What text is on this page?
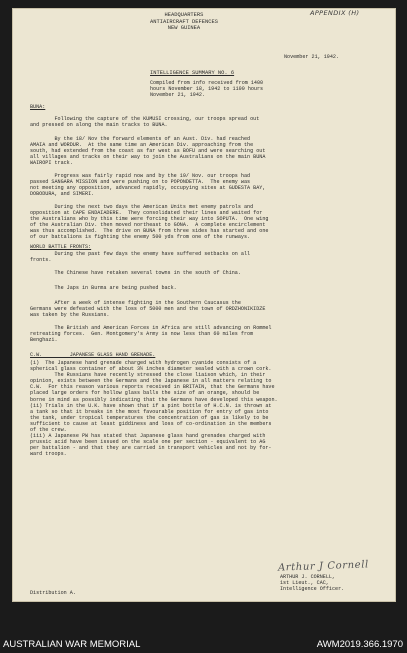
APPENDIX (H)
HEADQUARTERS
ANTIAIRCRAFT DEFENCES
NEW GUINEA
November 21, 1942.
INTELLIGENCE SUMMARY NO. 6
Compiled from info received from 1400
hours November 18, 1942 to 1100 hours
November 21, 1942.
BUNA:
Following the capture of the KUMUSI crossing, our troops spread out
and pressed on along the main tracks to BUNA.
By the 18/ Nov the forward elements of an Aust. Div. had reached
AMAIA and WORDUR.  At the same time an American Div. approaching from the
south, had extended from the coast as far west as BOFU and were searching out
all villages and tracks on their way to join the Australians on the main BUNA
WAIROPI track.
Progress was fairly rapid now and by the 19/ Nov. our troops had
passed SANGARA MISSION and were pushing on to POPONDETTA.  The enemy was
not meeting any opposition, advanced rapidly, occupying sites at GUDESTA BAY,
DOBODURA, and SIMERI.
During the next two days the American Units met enemy patrols and
opposition at CAPE ENDAIADERE.  They consolidated their lines and waited for
the Australians who by this time were forcing their way into SOPUTA.  One wing
of the Australian Div. then moved northeast to GONA.  A complete encirclement
was thus accomplished.  The drive on BUNA from three sides has started and one
of our battalions is fighting the enemy 500 yds from one of the runways.
WORLD BATTLE FRONTS:
During the past few days the enemy have suffered setbacks on all
fronts.
The Chinese have retaken several towns in the south of China.
The Japs in Burma are being pushed back.
After a week of intense fighting in the Southern Caucasus the
Germans were defeated with the loss of 5000 men and the town of ORDZHONIKIDZE
was taken by the Russians.
The British and American Forces in Africa are still advancing on Rommel
retreating forces.  Gen. Montgomery's Army is now less than 60 miles from
Benghazi.
C.W.         JAPANESE GLASS HAND GRENADE.
(i)  The Japanese hand grenade charged with hydrogen cyanide consists of a
spherical glass container of about 3½ inches diameter sealed with a crown cork.
The Russians have recently stressed the close liaison which, in their
opinion, exists between the Germans and the Japanese in all matters relating to
C.W.  For this reason various reports received in BRITAIN, that the Germans have
placed large orders for hollow glass balls the size of an orange, should be
borne in mind as possibly indicating that the Germans have developed this weapon.
(ii) Trials in the U.K. have shown that if a pint bottle of H.C.N. is thrown at
a tank so that it breaks in the most favourable position for entry of gas into
the tank, under tropical temperatures the concentration of gas is likely to be
sufficient to cause at least giddiness and loss of co-ordination in the members
of the crew.
(iii) A Japanese PW has stated that Japanese glass hand grenades charged with
prussic acid have been issued on the scale one per section - equivalent to AG
per battalion - and that they are carried in transport vehicles and not by for-
ward troops.
Arthur J Cornell
ARTHUR J. CORNELL,
1st Lieut., CAC,
Intelligence Officer.
Distribution A.
AUSTRALIAN WAR MEMORIAL	AWM2019.366.1970
